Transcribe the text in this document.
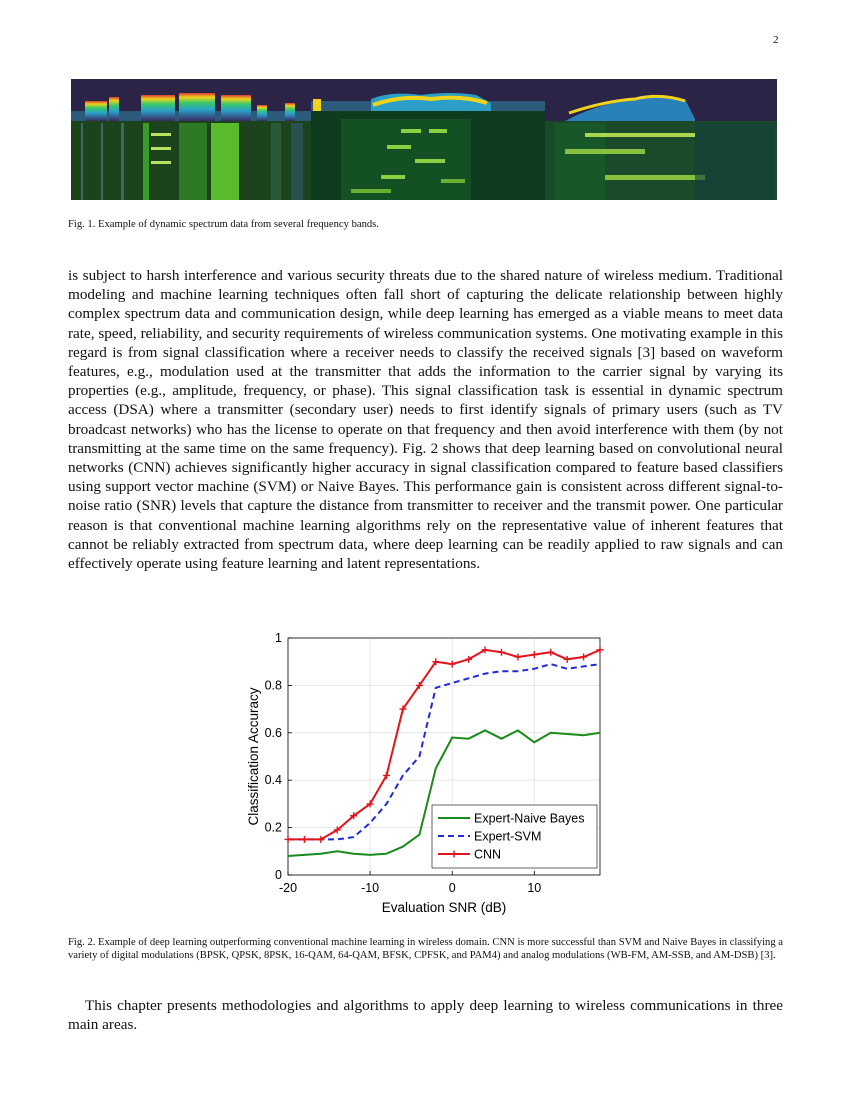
2
Fig. 1. Example of dynamic spectrum data from several frequency bands.

is subject to harsh interference and various security threats due to the shared nature of wireless medium. Traditional modeling and machine learning techniques often fall short of capturing the delicate relationship between highly complex spectrum data and communication design, while deep learning has emerged as a viable means to meet data rate, speed, reliability, and security requirements of wireless communication systems. One motivating example in this regard is from signal classification where a receiver needs to classify the received signals [3] based on waveform features, e.g., modulation used at the transmitter that adds the information to the carrier signal by varying its properties (e.g., amplitude, frequency, or phase). This signal classification task is essential in dynamic spectrum access (DSA) where a transmitter (secondary user) needs to first identify signals of primary users (such as TV broadcast networks) who has the license to operate on that frequency and then avoid interference with them (by not transmitting at the same time on the same frequency). Fig. 2 shows that deep learning based on convolutional neural networks (CNN) achieves significantly higher accuracy in signal classification compared to feature based classifiers using support vector machine (SVM) or Naive Bayes. This performance gain is consistent across different signal-to-noise ratio (SNR) levels that capture the distance from transmitter to receiver and the transmit power. One particular reason is that conventional machine learning algorithms rely on the representative value of inherent features that cannot be reliably extracted from spectrum data, where deep learning can be readily applied to raw signals and can effectively operate using feature learning and latent representations.

-20	-10	0	10
0
0.2
0.4
0.6
0.8
1
Evaluation SNR (dB)
Classification Accuracy	Expert-Naive Bayes
Expert-SVM
CNN
Fig. 2. Example of deep learning outperforming conventional machine learning in wireless domain. CNN is more successful than SVM and Naive Bayes in classifying a variety of digital modulations (BPSK, QPSK, 8PSK, 16-QAM, 64-QAM, BFSK, CPFSK, and PAM4) and analog modulations (WB-FM, AM-SSB, and AM-DSB) [3].

This chapter presents methodologies and algorithms to apply deep learning to wireless communications in three main areas.
